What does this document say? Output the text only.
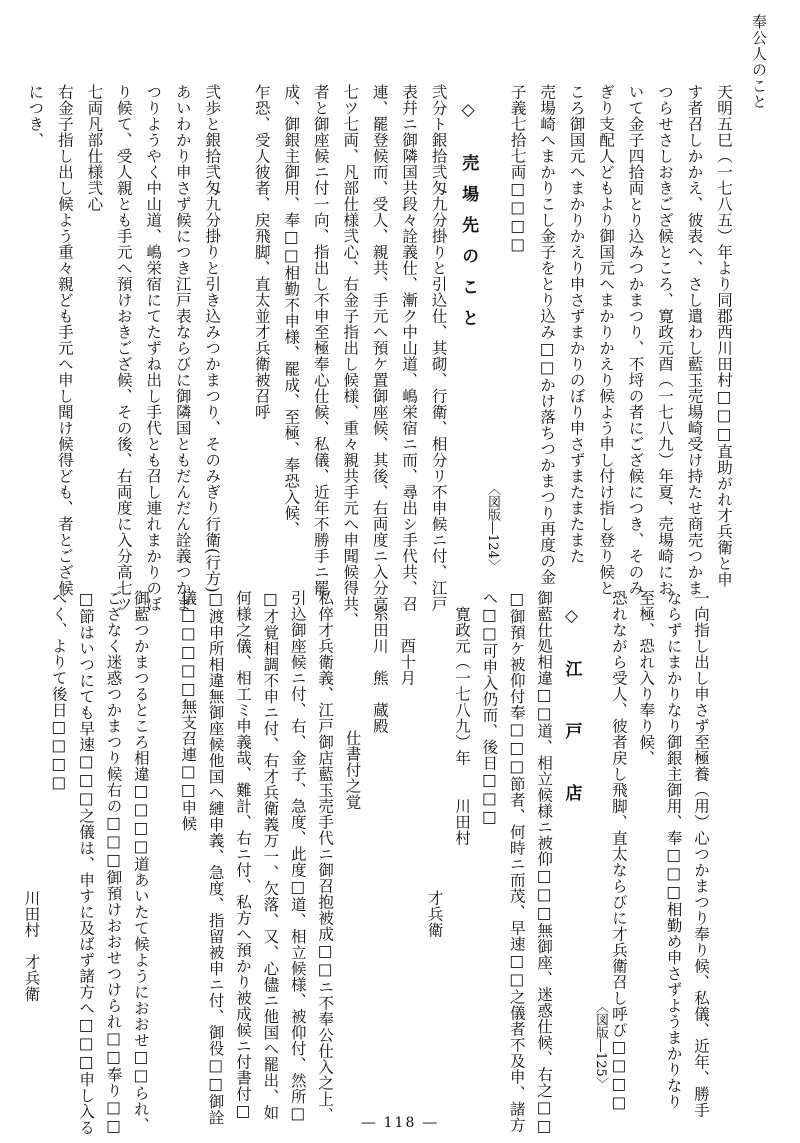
奉公人のこと

天明五巳（一七八五）年より同郡西川田村□□□直助がれ才兵衛と申

す者召しかかえ、彼表へ、さし遣わし藍玉売場崎受け持たせ商売つかま

つらせさしおきござ候ところ、寛政元酉（一七八九）年夏、売場崎にお

いて金子四拾両とり込みつかまつり、不埒の者にござ候につき、そのみ

ぎり支配人どもより御国元へまかりかえり候よう申し付け指し登り候と

ころ御国元へまかりかえり申さずまかりのぼり申さずまたまたまた

売場崎へまかりこし金子をとり込み□□かけ落ちつかまつり再度の金

子義七拾七両□□□□

◇ 売場先のこと

弐分ト銀拾弐匁九分掛りと引込仕、其砌、行衛、相分リ不申候ニ付、江戸

表幷ニ御隣国共段々詮義仕、漸ク中山道、嶋栄宿ニ而、尋出シ手代共、召

連、罷登候而、受人、親共、手元へ預ケ置御座候、其後、右両度ニ入分高

七ツ七両、凡部仕様弐心、右金子指出し候様、重々親共手元へ申聞候得共、

者と御座候ニ付一向、指出し不申至極奉心仕候、私儀、近年不勝手ニ罷

成、御銀主御用、奉□□相勤不申様、罷成、至極、奉恐入候、

乍恐、受人彼者、戻飛脚、直太並才兵衛被召呼

弐歩と銀拾弐匁九分掛りと引き込みつかまつり、そのみぎり行衛(行方)

あいわかり申さず候につき江戸表ならびに御隣国ともだんだん詮義つかま

つりようやく中山道、嶋栄宿にてたずね出し手代とも召し連れまかりのぼ

り候て、受人親とも手元へ預けおきござ候、その後、右両度に入分高七ツ

七両凡部仕様弐心

右金子指し出し候よう重々親ども手元へ申し聞け候得ども、者とござ候

につき、

〈図版―124〉

一向指し出し申さず至極養（用）心つかまつり奉り候、私儀、近年、勝手

ならずにまかりなり御銀主御用、奉□□□相勤め申さずようまかりなり

至極、恐れ入り奉り候、

恐れながら受人、彼者戻し飛脚、直太ならびに才兵衛召し呼び□□□□

◇ 江　戸　店

御藍仕処相違□□道、相立候様ニ被仰□□□無御座、迷惑仕候、右之□□

□御預ケ被仰付奉□□□節者、何時ニ而茂、早速□□之儀者不及申、諸方

へ□□可申入仍而、後日□□□

寛政元（一七八九）年　　川田村

才兵衛

酉十月

糸田川　熊　蔵殿

仕書付之覚

私倅才兵衛義、江戸御店藍玉売手代ニ御召抱被成□□ニ不奉公仕入之上、

引込御座候ニ付、右、金子、急度、此度□道、相立候様、被仰付、然所□

□才覚相調不申ニ付、右才兵衛義万一、欠落、又、心儘ニ他国へ罷出、如

何様之儀、相工ミ申義哉、難計、右ニ付、私方へ預かり被成候ニ付書付□

□渡申所相違無御座候他国へ縺申義、急度、指留被申ニ付、御役□□御詮

儀□□□□□無支召連□□申候

御藍つかまつるところ相違□□□□道あいたて候ようにおおせ□□られ、

ござなく迷惑つかまつり候右の□□□御預けおおせつけられ□□奉り□□

□節はいつにても早速□□□之儀は、申すに及ばず諸方へ□□□申し入る

べく、よりて後日□□□□

川田村　才兵衛

〈図版―125〉
― 118 ―
